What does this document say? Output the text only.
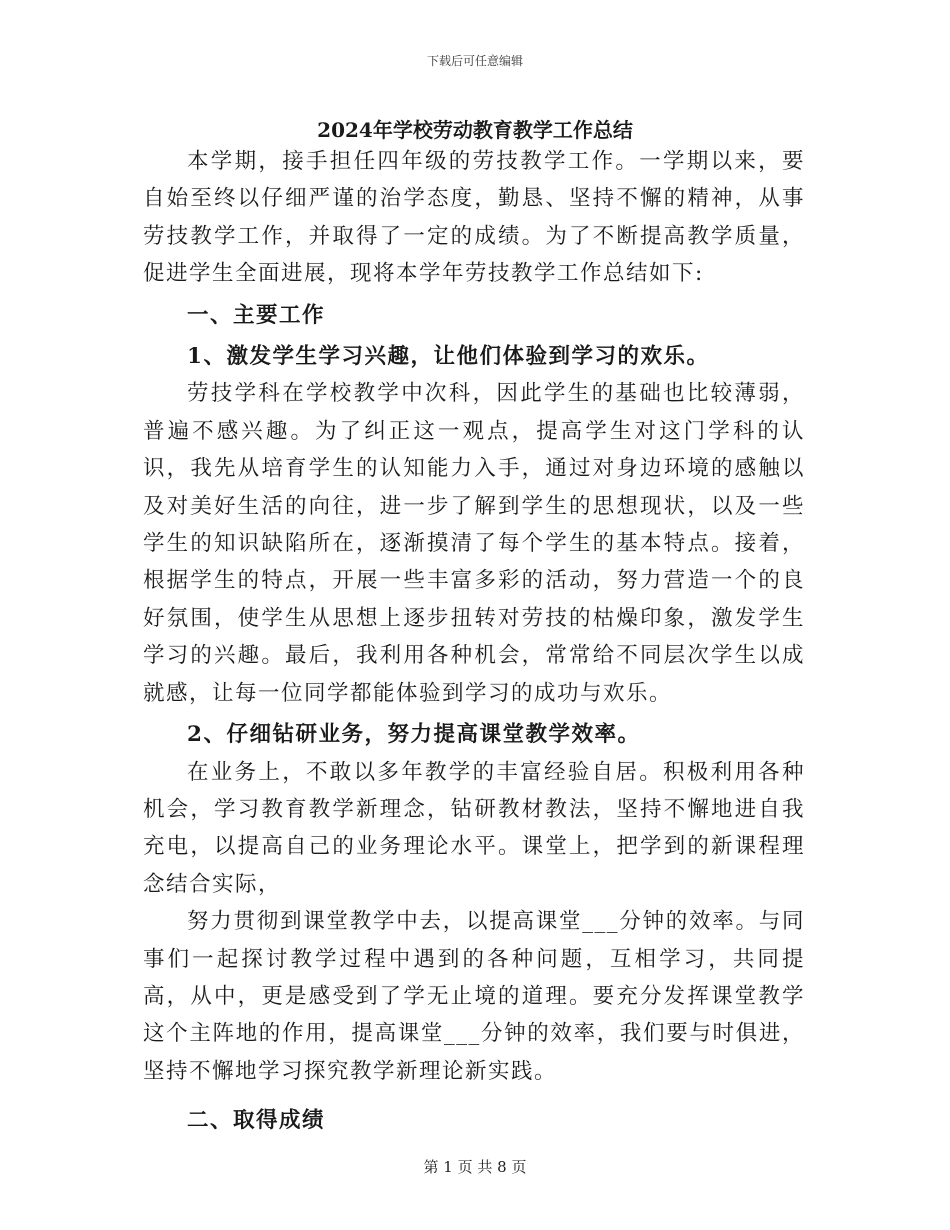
下载后可任意编辑
2024年学校劳动教育教学工作总结

本学期，接手担任四年级的劳技教学工作。一学期以来，要自始至终以仔细严谨的治学态度，勤恳、坚持不懈的精神，从事劳技教学工作，并取得了一定的成绩。为了不断提高教学质量，促进学生全面进展，现将本学年劳技教学工作总结如下:

一、主要工作

1、激发学生学习兴趣，让他们体验到学习的欢乐。

劳技学科在学校教学中次科，因此学生的基础也比较薄弱，普遍不感兴趣。为了纠正这一观点，提高学生对这门学科的认识，我先从培育学生的认知能力入手，通过对身边环境的感触以及对美好生活的向往，进一步了解到学生的思想现状，以及一些学生的知识缺陷所在，逐渐摸清了每个学生的基本特点。接着，根据学生的特点，开展一些丰富多彩的活动，努力营造一个的良好氛围，使学生从思想上逐步扭转对劳技的枯燥印象，激发学生学习的兴趣。最后，我利用各种机会，常常给不同层次学生以成就感，让每一位同学都能体验到学习的成功与欢乐。

2、仔细钻研业务，努力提高课堂教学效率。

在业务上，不敢以多年教学的丰富经验自居。积极利用各种机会，学习教育教学新理念，钻研教材教法，坚持不懈地进自我充电，以提高自己的业务理论水平。课堂上，把学到的新课程理念结合实际，

努力贯彻到课堂教学中去，以提高课堂___分钟的效率。与同事们一起探讨教学过程中遇到的各种问题，互相学习，共同提高，从中，更是感受到了学无止境的道理。要充分发挥课堂教学这个主阵地的作用，提高课堂___分钟的效率，我们要与时俱进，坚持不懈地学习探究教学新理论新实践。

二、取得成绩

第 1 页 共 8 页
